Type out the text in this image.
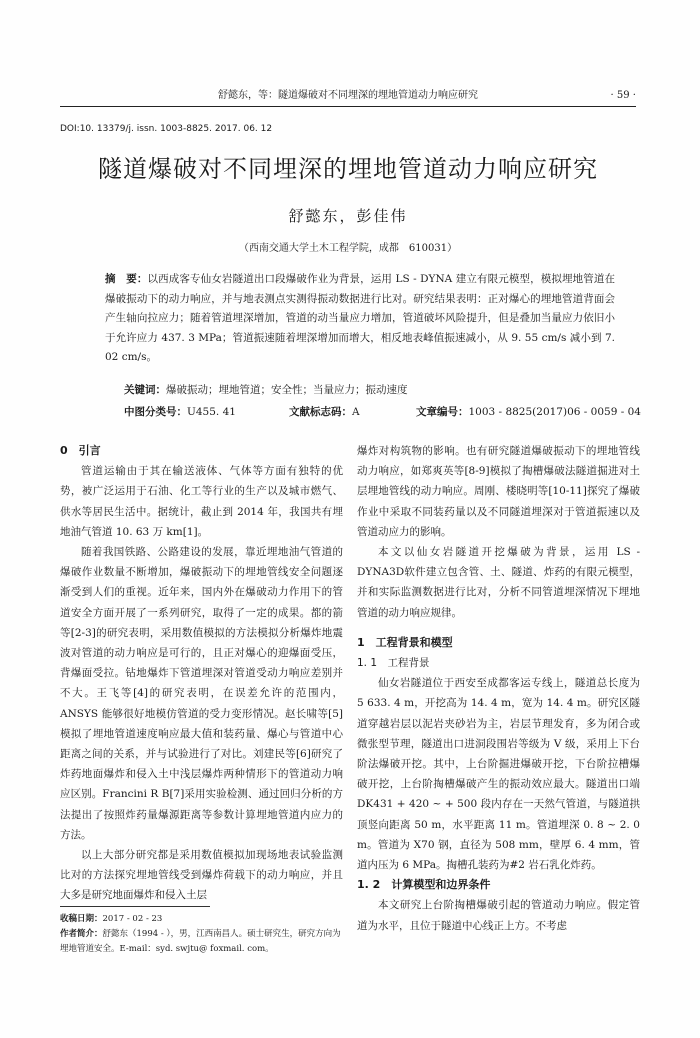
舒懿东，等：隧道爆破对不同埋深的埋地管道动力响应研究	· 59 ·
DOI:10. 13379/j. issn. 1003-8825. 2017. 06. 12
隧道爆破对不同埋深的埋地管道动力响应研究
舒懿东，彭佳伟
（西南交通大学土木工程学院，成都　610031）
摘　要：以西成客专仙女岩隧道出口段爆破作业为背景，运用 LS - DYNA 建立有限元模型，模拟埋地管道在爆破振动下的动力响应，并与地表测点实测得振动数据进行比对。研究结果表明：正对爆心的埋地管道背面会产生轴向拉应力；随着管道埋深增加，管道的动当量应力增加，管道破坏风险提升，但是叠加当量应力依旧小于允许应力 437. 3 MPa；管道振速随着埋深增加而增大，相反地表峰值振速减小，从 9. 55 cm/s 减小到 7. 02 cm/s。
关键词：爆破振动；埋地管道；安全性；当量应力；振动速度
中图分类号：U455. 41	文献标志码：A	文章编号：1003 - 8825(2017)06 - 0059 - 04
0　引言

管道运输由于其在输送液体、气体等方面有独特的优势，被广泛运用于石油、化工等行业的生产以及城市燃气、供水等居民生活中。据统计，截止到 2014 年，我国共有埋地油气管道 10. 63 万 km[1]。

随着我国铁路、公路建设的发展，靠近埋地油气管道的爆破作业数量不断增加，爆破振动下的埋地管线安全问题逐渐受到人们的重视。近年来，国内外在爆破动力作用下的管道安全方面开展了一系列研究，取得了一定的成果。都的箭等[2-3]的研究表明，采用数值模拟的方法模拟分析爆炸地震波对管道的动力响应是可行的，且正对爆心的迎爆面受压，背爆面受拉。钻地爆炸下管道埋深对管道受动力响应差别并不大。王飞等[4]的研究表明，在误差允许的范围内，ANSYS 能够很好地模仿管道的受力变形情况。赵长啸等[5]模拟了埋地管道速度响应最大值和装药量、爆心与管道中心距离之间的关系，并与试验进行了对比。刘建民等[6]研究了炸药地面爆炸和侵入土中浅层爆炸两种情形下的管道动力响应区别。Francini R B[7]采用实验检测、通过回归分析的方法提出了按照炸药量爆源距离等参数计算埋地管道内应力的方法。

以上大部分研究都是采用数值模拟加现场地表试验监测比对的方法探究埋地管线受到爆炸荷载下的动力响应，并且大多是研究地面爆炸和侵入土层

爆炸对构筑物的影响。也有研究隧道爆破振动下的埋地管线动力响应，如郑爽英等[8-9]模拟了掏槽爆破法隧道掘进对土层埋地管线的动力响应。周刚、楼晓明等[10-11]探究了爆破作业中采取不同装药量以及不同隧道埋深对于管道振速以及管道动应力的影响。

本文以仙女岩隧道开挖爆破为背景，运用 LS - DYNA3D软件建立包含管、土、隧道、炸药的有限元模型，并和实际监测数据进行比对，分析不同管道埋深情况下埋地管道的动力响应规律。

1　工程背景和模型
1. 1　工程背景

仙女岩隧道位于西安至成都客运专线上，隧道总长度为 5 633. 4 m，开挖高为 14. 4 m，宽为 14. 4 m。研究区隧道穿越岩层以泥岩夹砂岩为主，岩层节理发育，多为闭合或微张型节理，隧道出口进洞段围岩等级为 V 级，采用上下台阶法爆破开挖。其中，上台阶掘进爆破开挖，下台阶拉槽爆破开挖，上台阶掏槽爆破产生的振动效应最大。隧道出口端 DK431 + 420 ~ + 500 段内存在一天然气管道，与隧道拱顶竖向距离 50 m，水平距离 11 m。管道埋深 0. 8 ~ 2. 0 m。管道为 X70 钢，直径为 508 mm，壁厚 6. 4 mm，管道内压为 6 MPa。掏槽孔装药为#2 岩石乳化炸药。

1. 2　计算模型和边界条件

本文研究上台阶掏槽爆破引起的管道动力响应。假定管道为水平，且位于隧道中心线正上方。不考虑

收稿日期：2017 - 02 - 23
作者简介：舒懿东（1994 - ），男，江西南昌人。硕士研究生，研究方向为埋地管道安全。E-mail：syd. swjtu@ foxmail. com。
